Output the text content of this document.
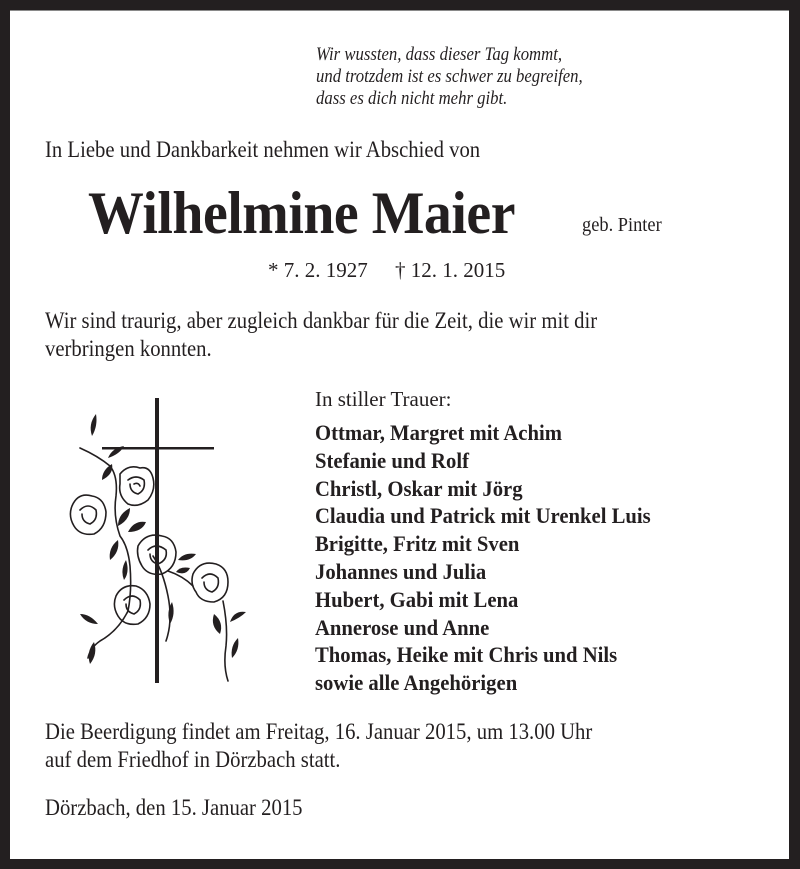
Wir wussten, dass dieser Tag kommt,
und trotzdem ist es schwer zu begreifen,
dass es dich nicht mehr gibt.
In Liebe und Dankbarkeit nehmen wir Abschied von
Wilhelmine Maier	geb. Pinter
* 7. 2. 1927 † 12. 1. 2015
Wir sind traurig, aber zugleich dankbar für die Zeit, die wir mit dir
verbringen konnten.
In stiller Trauer:
Ottmar, Margret mit Achim
Stefanie und Rolf
Christl, Oskar mit Jörg
Claudia und Patrick mit Urenkel Luis
Brigitte, Fritz mit Sven
Johannes und Julia
Hubert, Gabi mit Lena
Annerose und Anne
Thomas, Heike mit Chris und Nils
sowie alle Angehörigen
Die Beerdigung findet am Freitag, 16. Januar 2015, um 13.00 Uhr
auf dem Friedhof in Dörzbach statt.
Dörzbach, den 15. Januar 2015
